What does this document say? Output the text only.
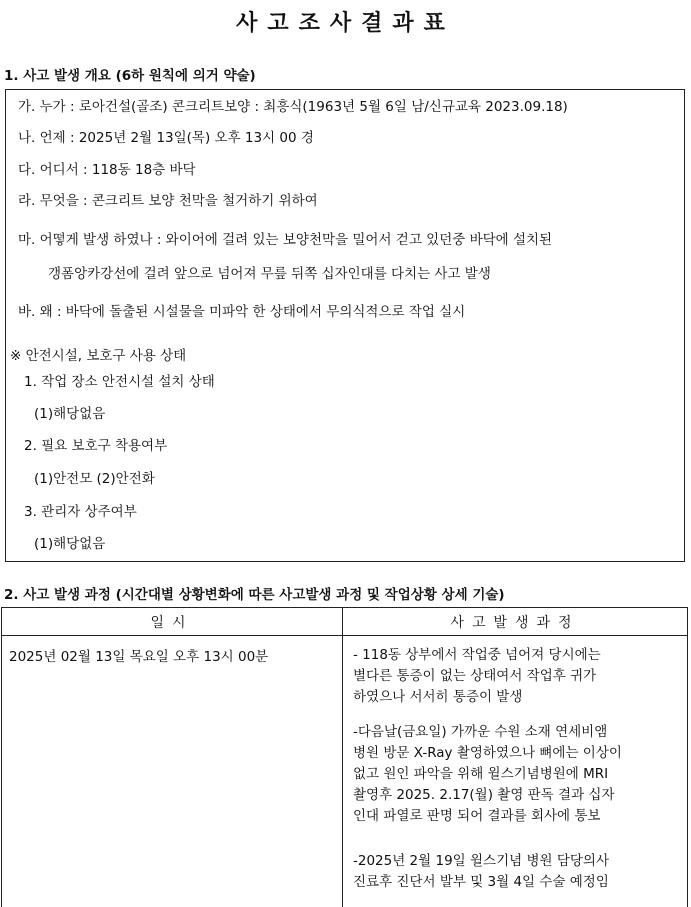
사고조사결과표
1. 사고 발생 개요 (6하 원칙에 의거 약술)
가. 누가 : 로아건설(골조) 콘크리트보양 : 최흥식(1963년 5월 6일 남/신규교육 2023.09.18)
나. 언제 : 2025년 2월 13일(목) 오후 13시 00 경
다. 어디서 : 118동 18층 바닥
라. 무엇을 : 콘크리트 보양 천막을 철거하기 위하여
마. 어떻게 발생 하였나 : 와이어에 걸려 있는 보양천막을 밀어서 걷고 있던중 바닥에 설치된
갱폼앙카강선에 걸려 앞으로 넘어져 무릎 뒤쪽 십자인대를 다치는 사고 발생
바. 왜 : 바닥에 돌출된 시설물을 미파악 한 상태에서 무의식적으로 작업 실시
※ 안전시설, 보호구 사용 상태
1. 작업 장소 안전시설 설치 상태
(1)해당없음
2. 필요 보호구 착용여부
(1)안전모 (2)안전화
3. 관리자 상주여부
(1)해당없음
2. 사고 발생 과정 (시간대별 상황변화에 따른 사고발생 과정 및 작업상황 상세 기술)
일시	사고발생과정
2025년 02월 13일 목요일 오후 13시 00분	- 118동 상부에서 작업중 넘어져 당시에는
별다른 통증이 없는 상태여서 작업후 귀가
하였으나 서서히 통증이 발생
-다음날(금요일) 가까운 수원 소재 연세비앰
병원 방문 X-Ray 촬영하였으나 뼈에는 이상이
없고 원인 파악을 위해 윌스기념병원에 MRI
촬영후 2025. 2.17(월) 촬영 판독 결과 십자
인대 파열로 판명 되어 결과를 회사에 통보
-2025년 2월 19일 윌스기념 병원 담당의사
진료후 진단서 발부 및 3월 4일 수술 예정임
